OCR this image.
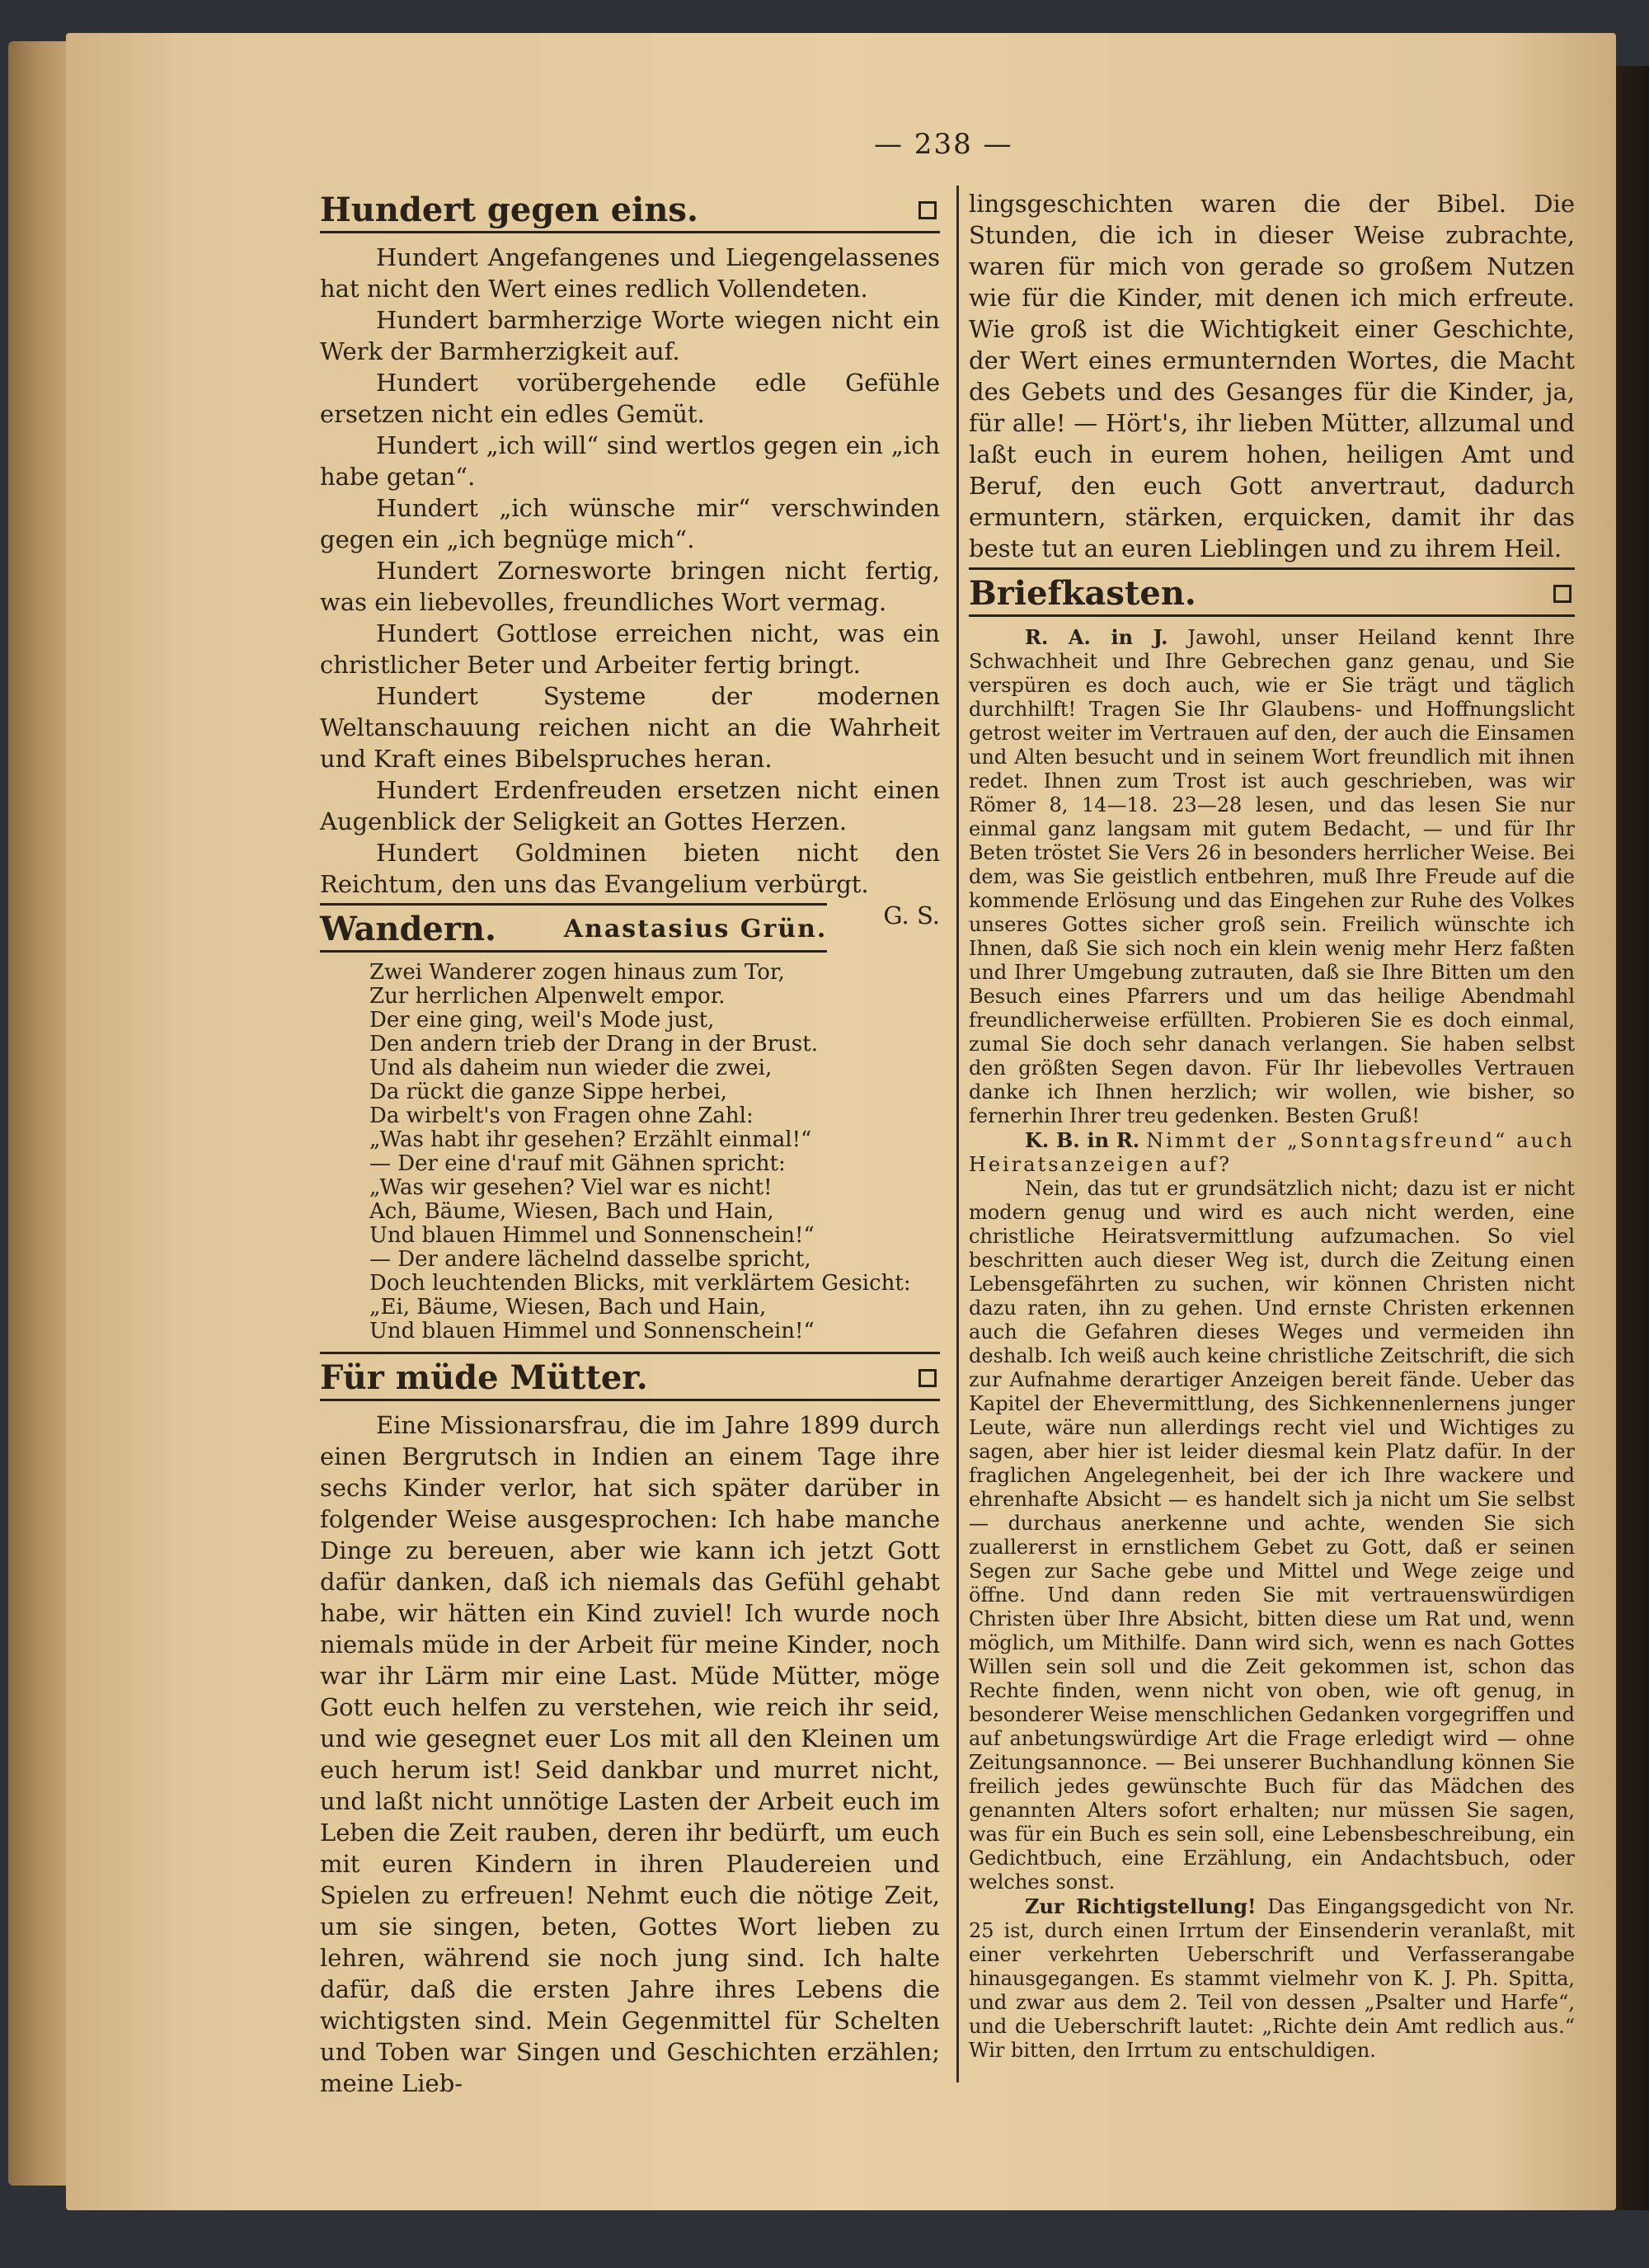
— 238 —
Hundert gegen eins.

Hundert Angefangenes und Liegengelassenes hat nicht den Wert eines redlich Vollendeten.

Hundert barmherzige Worte wiegen nicht ein Werk der Barmherzigkeit auf.

Hundert vorübergehende edle Gefühle ersetzen nicht ein edles Gemüt.

Hundert „ich will“ sind wertlos gegen ein „ich habe getan“.

Hundert „ich wünsche mir“ verschwinden gegen ein „ich begnüge mich“.

Hundert Zornesworte bringen nicht fertig, was ein liebevolles, freundliches Wort vermag.

Hundert Gottlose erreichen nicht, was ein christlicher Beter und Arbeiter fertig bringt.

Hundert Systeme der modernen Weltanschauung reichen nicht an die Wahrheit und Kraft eines Bibelspruches heran.

Hundert Erdenfreuden ersetzen nicht einen Augenblick der Seligkeit an Gottes Herzen.

Hundert Goldminen bieten nicht den Reichtum, den uns das Evangelium verbürgt.
G. S.

Wandern.	Anastasius Grün.
Zwei Wanderer zogen hinaus zum Tor,
Zur herrlichen Alpenwelt empor.
Der eine ging, weil's Mode just,
Den andern trieb der Drang in der Brust.
Und als daheim nun wieder die zwei,
Da rückt die ganze Sippe herbei,
Da wirbelt's von Fragen ohne Zahl:
„Was habt ihr gesehen? Erzählt einmal!“
— Der eine d'rauf mit Gähnen spricht:
„Was wir gesehen? Viel war es nicht!
Ach, Bäume, Wiesen, Bach und Hain,
Und blauen Himmel und Sonnenschein!“
— Der andere lächelnd dasselbe spricht,
Doch leuchtenden Blicks, mit verklärtem Gesicht:
„Ei, Bäume, Wiesen, Bach und Hain,
Und blauen Himmel und Sonnenschein!“
Für müde Mütter.

Eine Missionarsfrau, die im Jahre 1899 durch einen Bergrutsch in Indien an einem Tage ihre sechs Kinder verlor, hat sich später darüber in folgender Weise ausgesprochen: Ich habe manche Dinge zu bereuen, aber wie kann ich jetzt Gott dafür danken, daß ich niemals das Gefühl gehabt habe, wir hätten ein Kind zuviel! Ich wurde noch niemals müde in der Arbeit für meine Kinder, noch war ihr Lärm mir eine Last. Müde Mütter, möge Gott euch helfen zu verstehen, wie reich ihr seid, und wie gesegnet euer Los mit all den Kleinen um euch herum ist! Seid dankbar und murret nicht, und laßt nicht unnötige Lasten der Arbeit euch im Leben die Zeit rauben, deren ihr bedürft, um euch mit euren Kindern in ihren Plaudereien und Spielen zu erfreuen! Nehmt euch die nötige Zeit, um sie singen, beten, Gottes Wort lieben zu lehren, während sie noch jung sind. Ich halte dafür, daß die ersten Jahre ihres Lebens die wichtigsten sind. Mein Gegenmittel für Schelten und Toben war Singen und Geschichten erzählen; meine Lieb-

lingsgeschichten waren die der Bibel. Die Stunden, die ich in dieser Weise zubrachte, waren für mich von gerade so großem Nutzen wie für die Kinder, mit denen ich mich erfreute. Wie groß ist die Wichtigkeit einer Geschichte, der Wert eines ermunternden Wortes, die Macht des Gebets und des Gesanges für die Kinder, ja, für alle! — Hört's, ihr lieben Mütter, allzumal und laßt euch in eurem hohen, heiligen Amt und Beruf, den euch Gott anvertraut, dadurch ermuntern, stärken, erquicken, damit ihr das beste tut an euren Lieblingen und zu ihrem Heil.

Briefkasten.

R. A. in J. Jawohl, unser Heiland kennt Ihre Schwachheit und Ihre Gebrechen ganz genau, und Sie verspüren es doch auch, wie er Sie trägt und täglich durchhilft! Tragen Sie Ihr Glaubens- und Hoffnungslicht getrost weiter im Vertrauen auf den, der auch die Einsamen und Alten besucht und in seinem Wort freundlich mit ihnen redet. Ihnen zum Trost ist auch geschrieben, was wir Römer 8, 14—18. 23—28 lesen, und das lesen Sie nur einmal ganz langsam mit gutem Bedacht, — und für Ihr Beten tröstet Sie Vers 26 in besonders herrlicher Weise. Bei dem, was Sie geistlich entbehren, muß Ihre Freude auf die kommende Erlösung und das Eingehen zur Ruhe des Volkes unseres Gottes sicher groß sein. Freilich wünschte ich Ihnen, daß Sie sich noch ein klein wenig mehr Herz faßten und Ihrer Umgebung zutrauten, daß sie Ihre Bitten um den Besuch eines Pfarrers und um das heilige Abendmahl freundlicherweise erfüllten. Probieren Sie es doch einmal, zumal Sie doch sehr danach verlangen. Sie haben selbst den größten Segen davon. Für Ihr liebevolles Vertrauen danke ich Ihnen herzlich; wir wollen, wie bisher, so fernerhin Ihrer treu gedenken. Besten Gruß!

K. B. in R. Nimmt der „Sonntagsfreund“ auch Heiratsanzeigen auf?

Nein, das tut er grundsätzlich nicht; dazu ist er nicht modern genug und wird es auch nicht werden, eine christliche Heiratsvermittlung aufzumachen. So viel beschritten auch dieser Weg ist, durch die Zeitung einen Lebensgefährten zu suchen, wir können Christen nicht dazu raten, ihn zu gehen. Und ernste Christen erkennen auch die Gefahren dieses Weges und vermeiden ihn deshalb. Ich weiß auch keine christliche Zeitschrift, die sich zur Aufnahme derartiger Anzeigen bereit fände. Ueber das Kapitel der Ehevermittlung, des Sichkennenlernens junger Leute, wäre nun allerdings recht viel und Wichtiges zu sagen, aber hier ist leider diesmal kein Platz dafür. In der fraglichen Angelegenheit, bei der ich Ihre wackere und ehrenhafte Absicht — es handelt sich ja nicht um Sie selbst — durchaus anerkenne und achte, wenden Sie sich zuallererst in ernstlichem Gebet zu Gott, daß er seinen Segen zur Sache gebe und Mittel und Wege zeige und öffne. Und dann reden Sie mit vertrauenswürdigen Christen über Ihre Absicht, bitten diese um Rat und, wenn möglich, um Mithilfe. Dann wird sich, wenn es nach Gottes Willen sein soll und die Zeit gekommen ist, schon das Rechte finden, wenn nicht von oben, wie oft genug, in besonderer Weise menschlichen Gedanken vorgegriffen und auf anbetungswürdige Art die Frage erledigt wird — ohne Zeitungsannonce. — Bei unserer Buchhandlung können Sie freilich jedes gewünschte Buch für das Mädchen des genannten Alters sofort erhalten; nur müssen Sie sagen, was für ein Buch es sein soll, eine Lebensbeschreibung, ein Gedichtbuch, eine Erzählung, ein Andachtsbuch, oder welches sonst.

Zur Richtigstellung! Das Eingangsgedicht von Nr. 25 ist, durch einen Irrtum der Einsenderin veranlaßt, mit einer verkehrten Ueberschrift und Verfasserangabe hinausgegangen. Es stammt vielmehr von K. J. Ph. Spitta, und zwar aus dem 2. Teil von dessen „Psalter und Harfe“, und die Ueberschrift lautet: „Richte dein Amt redlich aus.“ Wir bitten, den Irrtum zu entschuldigen.
